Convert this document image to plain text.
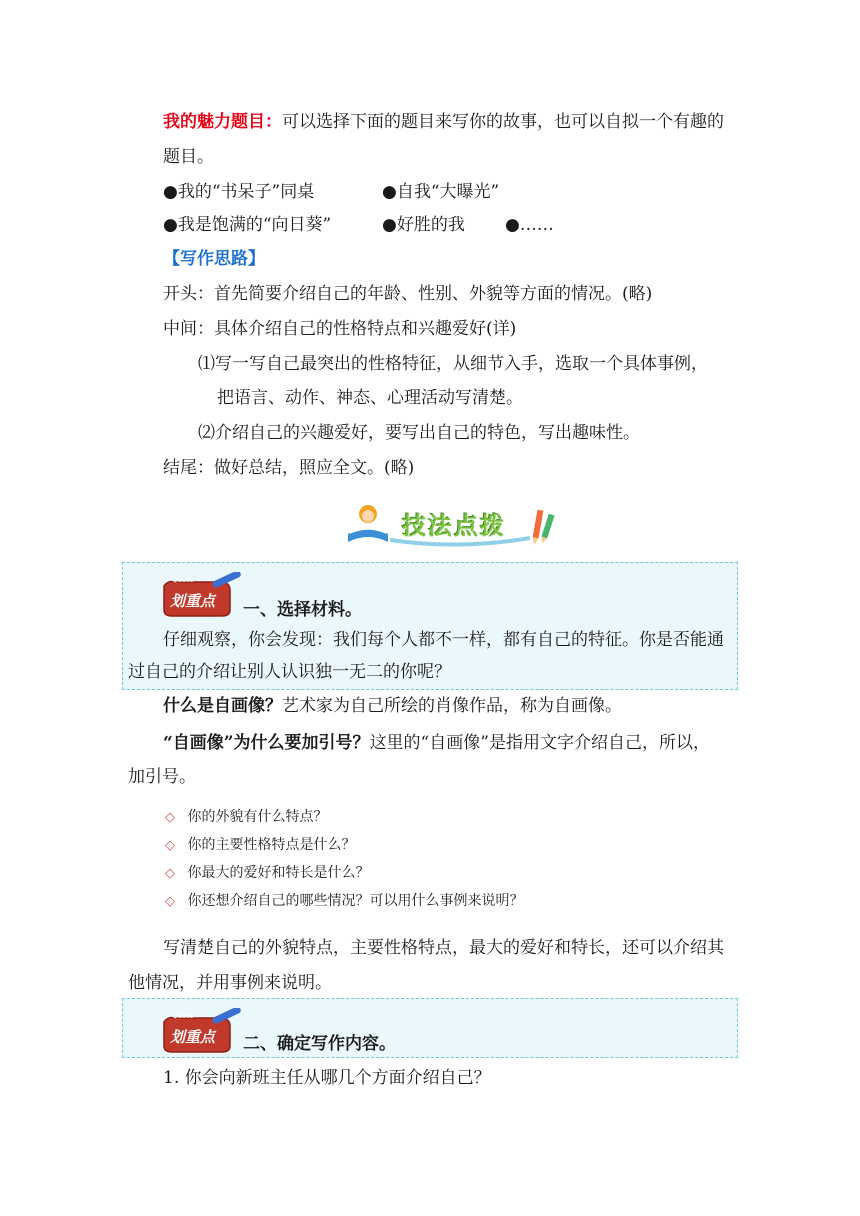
我的魅力题目：可以选择下面的题目来写你的故事，也可以自拟一个有趣的
题目。
●我的“书呆子”同桌	●自我“大曝光”
●我是饱满的“向日葵”	●好胜的我 ●……
【写作思路】
开头：首先简要介绍自己的年龄、性别、外貌等方面的情况。(略)
中间：具体介绍自己的性格特点和兴趣爱好(详)
⑴写一写自己最突出的性格特征，从细节入手，选取一个具体事例，
把语言、动作、神态、心理活动写清楚。
⑵介绍自己的兴趣爱好，要写出自己的特色，写出趣味性。
结尾：做好总结，照应全文。(略)
技法点拨
Quote
划重点 一、选择材料。
仔细观察，你会发现：我们每个人都不一样，都有自己的特征。你是否能通
过自己的介绍让别人认识独一无二的你呢？
什么是自画像？艺术家为自己所绘的肖像作品，称为自画像。
“自画像”为什么要加引号？这里的“自画像”是指用文字介绍自己，所以，
加引号。
◇ 你的外貌有什么特点？
◇ 你的主要性格特点是什么？
◇ 你最大的爱好和特长是什么？
◇ 你还想介绍自己的哪些情况？可以用什么事例来说明？
写清楚自己的外貌特点，主要性格特点，最大的爱好和特长，还可以介绍其
他情况，并用事例来说明。
Quote
划重点 二、确定写作内容。
1. 你会向新班主任从哪几个方面介绍自己？
